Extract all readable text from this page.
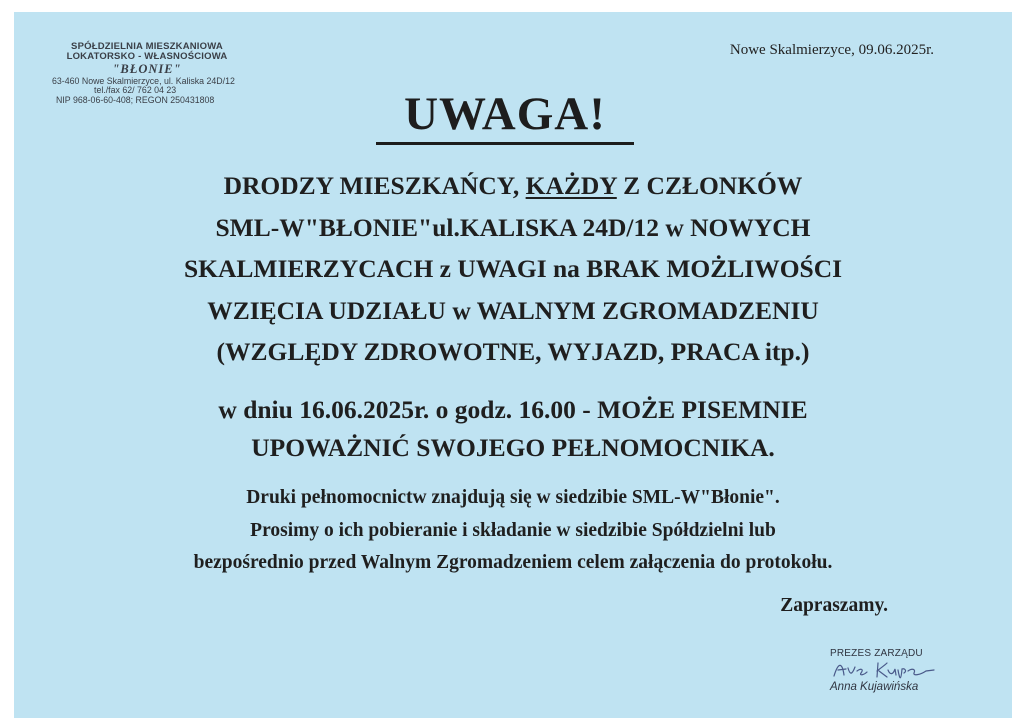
SPÓŁDZIELNIA MIESZKANIOWA
LOKATORSKO - WŁASNOŚCIOWA
"BŁONIE"
63-460 Nowe Skalmierzyce, ul. Kaliska 24D/12
tel./fax 62/ 762 04 23
NIP 968-06-60-408; REGON 250431808
Nowe Skalmierzyce, 09.06.2025r.
UWAGA!
DRODZY MIESZKAŃCY, KAŻDY Z CZŁONKÓW
SML-W"BŁONIE"ul.KALISKA 24D/12 w NOWYCH
SKALMIERZYCACH z UWAGI na BRAK MOŻLIWOŚCI
WZIĘCIA UDZIAŁU w WALNYM ZGROMADZENIU
(WZGLĘDY ZDROWOTNE, WYJAZD, PRACA itp.)
w dniu 16.06.2025r. o godz. 16.00 - MOŻE PISEMNIE
UPOWAŻNIĆ SWOJEGO PEŁNOMOCNIKA.
Druki pełnomocnictw znajdują się w siedzibie SML-W"Błonie".
Prosimy o ich pobieranie i składanie w siedzibie Spółdzielni lub
bezpośrednio przed Walnym Zgromadzeniem celem załączenia do protokołu.
Zapraszamy.
PREZES ZARZĄDU
Anna Kujawińska
